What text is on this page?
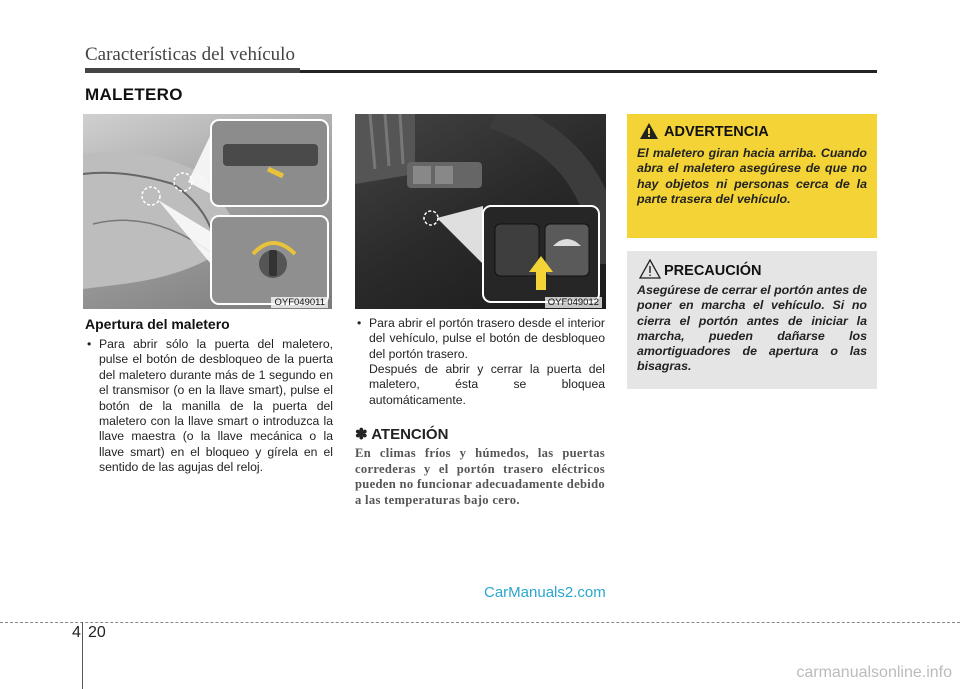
Características del vehículo
MALETERO
OYF049011	OYF049012
Apertura del maletero
• Para abrir sólo la puerta del maletero, pulse el botón de desbloqueo de la puerta del maletero durante más de 1 segundo en el transmisor (o en la llave smart), pulse el botón de la manilla de la puerta del maletero con la llave smart o introduzca la llave maestra (o la llave mecánica o la llave smart) en el bloqueo y gírela en el sentido de las agujas del reloj.
• Para abrir el portón trasero desde el interior del vehículo, pulse el botón de desbloqueo del portón trasero.
Después de abrir y cerrar la puerta del maletero, ésta se bloquea automáticamente.
✽ ATENCIÓN
En climas fríos y húmedos, las puertas correderas y el portón trasero eléctricos pueden no funcionar adecuadamente debido a las temperaturas bajo cero.
ADVERTENCIA
El maletero giran hacia arriba. Cuando abra el maletero asegúrese de que no hay objetos ni personas cerca de la parte trasera del vehículo.
PRECAUCIÓN
Asegúrese de cerrar el portón antes de poner en marcha el vehículo. Si no cierra el portón antes de iniciar la marcha, pueden dañarse los amortiguadores de apertura o las bisagras.
4 20
CarManuals2.com
carmanualsonline.info
